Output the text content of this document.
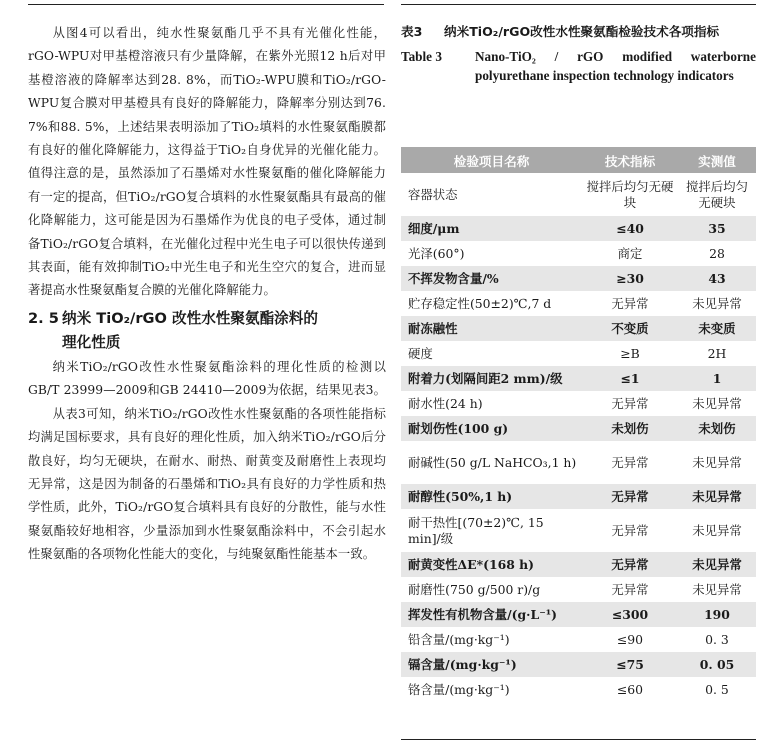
从图4可以看出，纯水性聚氨酯几乎不具有光催化性能，rGO-WPU对甲基橙溶液只有少量降解，在紫外光照12 h后对甲基橙溶液的降解率达到28. 8%，而TiO₂-WPU膜和TiO₂/rGO-WPU复合膜对甲基橙具有良好的降解能力，降解率分别达到76. 7%和88. 5%，上述结果表明添加了TiO₂填料的水性聚氨酯膜都有良好的催化降解能力，这得益于TiO₂自身优异的光催化能力。值得注意的是，虽然添加了石墨烯对水性聚氨酯的催化降解能力有一定的提高，但TiO₂/rGO复合填料的水性聚氨酯具有最高的催化降解能力，这可能是因为石墨烯作为优良的电子受体，通过制备TiO₂/rGO复合填料，在光催化过程中光生电子可以很快传递到其表面，能有效抑制TiO₂中光生电子和光生空穴的复合，进而显著提高水性聚氨酯复合膜的光催化降解能力。

2. 5 纳米 TiO₂/rGO 改性水性聚氨酯涂料的
理化性质

纳米TiO₂/rGO改性水性聚氨酯涂料的理化性质的检测以GB/T 23999—2009和GB 24410—2009为依据，结果见表3。

从表3可知，纳米TiO₂/rGO改性水性聚氨酯的各项性能指标均满足国标要求，具有良好的理化性质，加入纳米TiO₂/rGO后分散良好，均匀无硬块，在耐水、耐热、耐黄变及耐磨性上表现均无异常，这是因为制备的石墨烯和TiO₂具有良好的力学性质和热学性质，此外，TiO₂/rGO复合填料具有良好的分散性，能与水性聚氨酯较好地相容，少量添加到水性聚氨酯涂料中，不会引起水性聚氨酯的各项物化性能大的变化，与纯聚氨酯性能基本一致。

表3	纳米TiO₂/rGO改性水性聚氨酯检验技术各项指标
Table 3	Nano-TiO₂ / rGO modified waterborne polyurethane inspection technology indicators
检验项目名称	技术指标	实测值
容器状态	搅拌后均匀无硬块	搅拌后均匀无硬块
细度/μm	≤40	35
光泽(60°)	商定	28
不挥发物含量/%	≥30	43
贮存稳定性(50±2)℃,7 d	无异常	未见异常
耐冻融性	不变质	未变质
硬度	≥B	2H
附着力(划隔间距2 mm)/级	≤1	1
耐水性(24 h)	无异常	未见异常
耐划伤性(100 g)	未划伤	未划伤
耐碱性(50 g/L NaHCO₃,1 h)	无异常	未见异常
耐醇性(50%,1 h)	无异常	未见异常
耐干热性[(70±2)℃, 15 min]/级	无异常	未见异常
耐黄变性ΔE*(168 h)	无异常	未见异常
耐磨性(750 g/500 r)/g	无异常	未见异常
挥发性有机物含量/(g·L⁻¹)	≤300	190
铅含量/(mg·kg⁻¹)	≤90	0. 3
镉含量/(mg·kg⁻¹)	≤75	0. 05
铬含量/(mg·kg⁻¹)	≤60	0. 5
